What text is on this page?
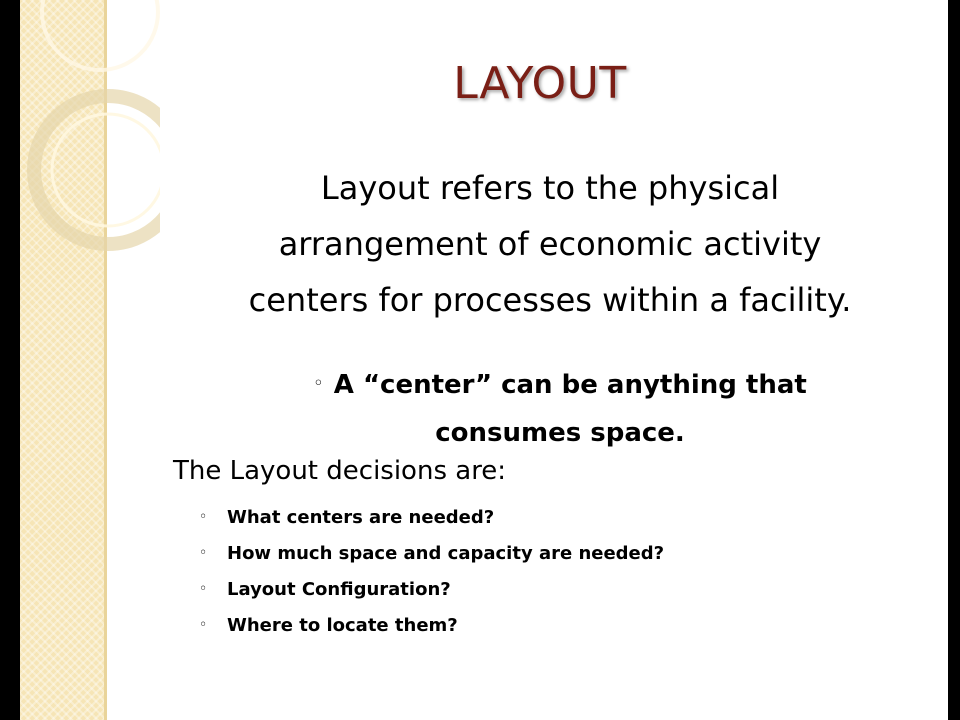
LAYOUT
Layout refers to the physical
arrangement of economic activity
centers for processes within a facility.
◦ A “center” can be anything that
consumes space.
The Layout decisions are:
◦ What centers are needed?
◦ How much space and capacity are needed?
◦ Layout Configuration?
◦ Where to locate them?
